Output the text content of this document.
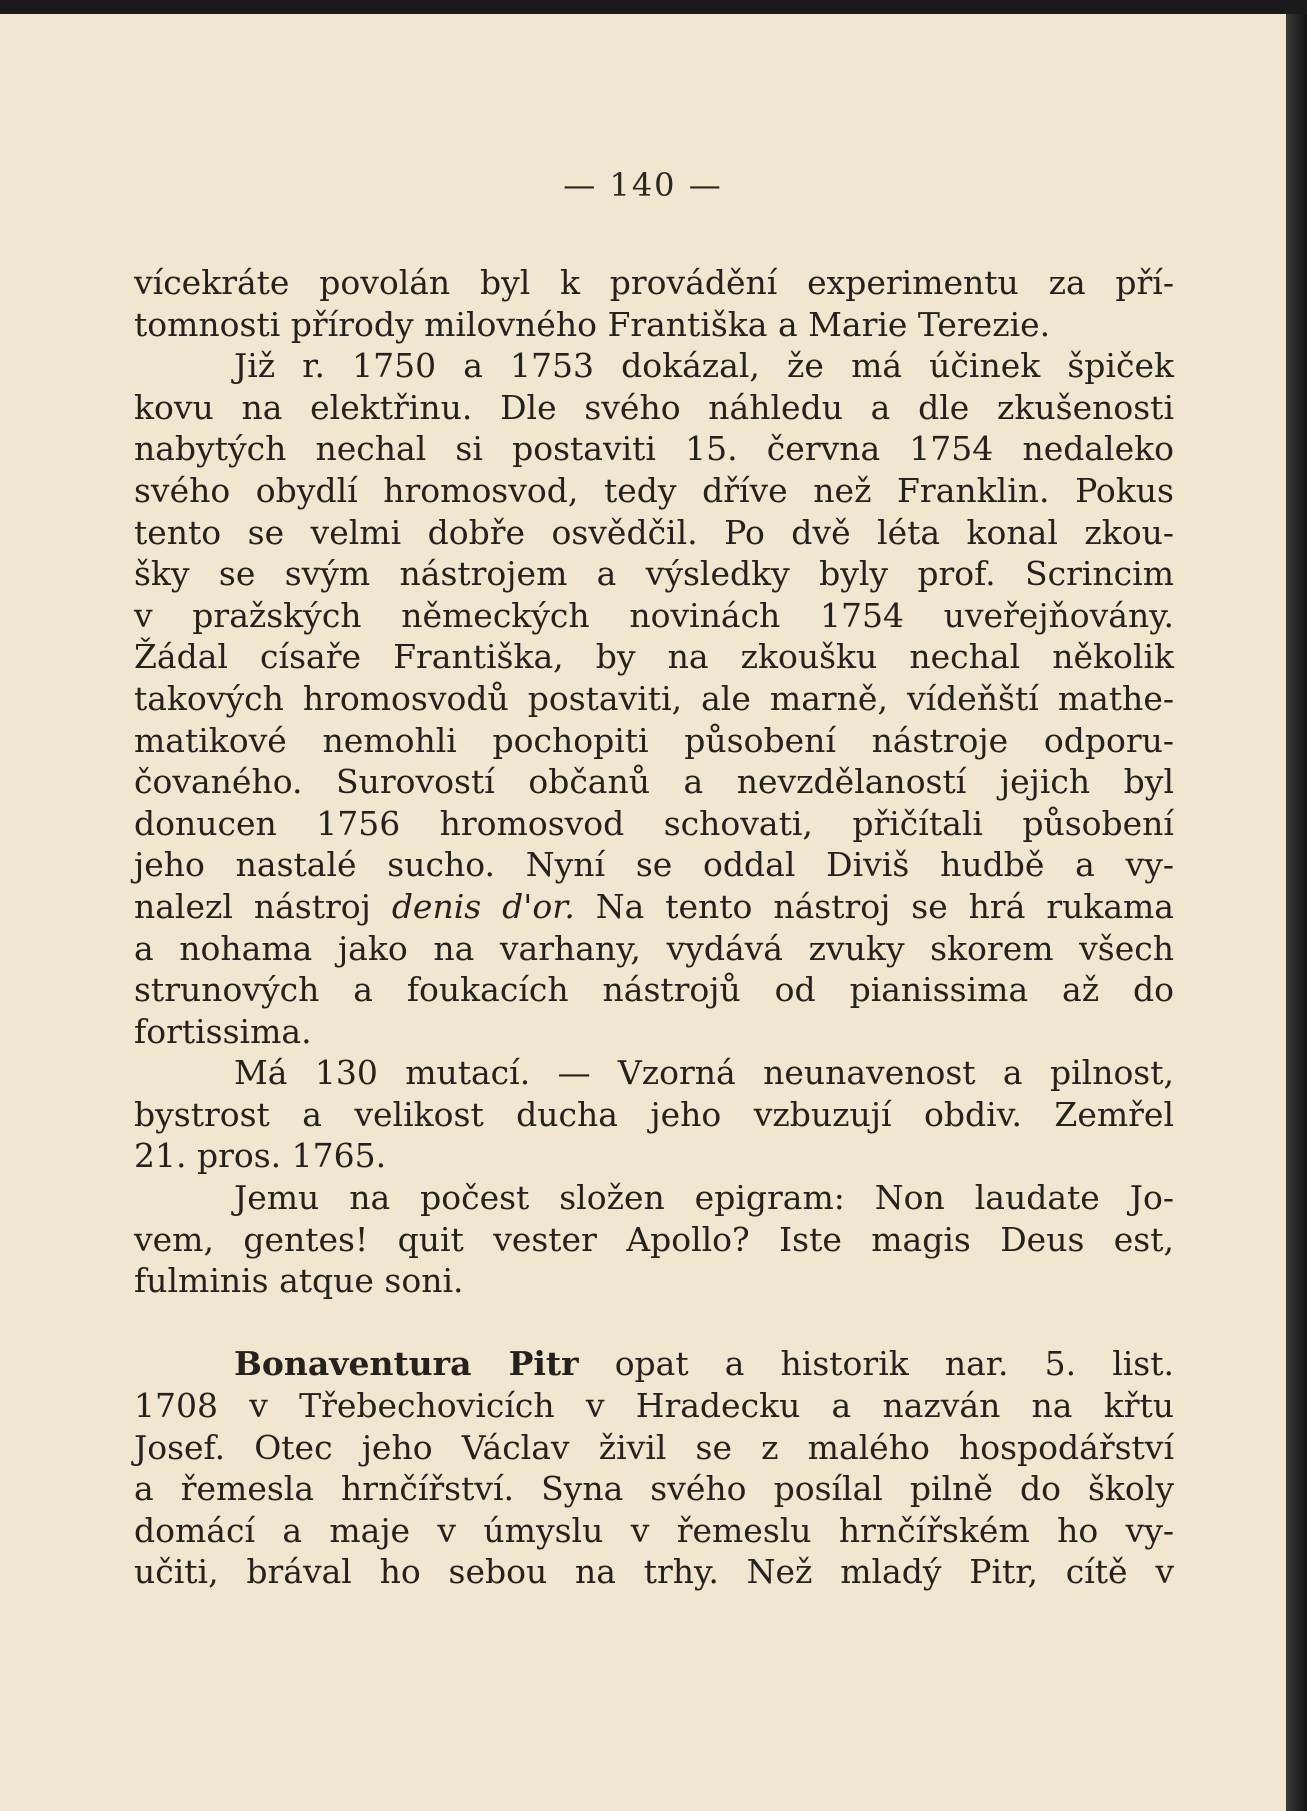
— 140 —
vícekráte povolán byl k provádění experimentu za pří-
tomnosti přírody milovného Františka a Marie Terezie.
Již r. 1750 a 1753 dokázal, že má účinek špiček
kovu na elektřinu. Dle svého náhledu a dle zkušenosti
nabytých nechal si postaviti 15. června 1754 nedaleko
svého obydlí hromosvod, tedy dříve než Franklin. Pokus
tento se velmi dobře osvědčil. Po dvě léta konal zkou-
šky se svým nástrojem a výsledky byly prof. Scrincim
v pražských německých novinách 1754 uveřejňovány.
Žádal císaře Františka, by na zkoušku nechal několik
takových hromosvodů postaviti, ale marně, vídeňští mathe-
matikové nemohli pochopiti působení nástroje odporu-
čovaného. Surovostí občanů a nevzdělaností jejich byl
donucen 1756 hromosvod schovati, přičítali působení
jeho nastalé sucho. Nyní se oddal Diviš hudbě a vy-
nalezl nástroj denis d'or. Na tento nástroj se hrá rukama
a nohama jako na varhany, vydává zvuky skorem všech
strunových a foukacích nástrojů od pianissima až do
fortissima.
Má 130 mutací. — Vzorná neunavenost a pilnost,
bystrost a velikost ducha jeho vzbuzují obdiv. Zemřel
21. pros. 1765.
Jemu na počest složen epigram: Non laudate Jo-
vem, gentes! quit vester Apollo? Iste magis Deus est,
fulminis atque soni.
Bonaventura Pitr opat a historik nar. 5. list.
1708 v Třebechovicích v Hradecku a nazván na křtu
Josef. Otec jeho Václav živil se z malého hospodářství
a řemesla hrnčířství. Syna svého posílal pilně do školy
domácí a maje v úmyslu v řemeslu hrnčířském ho vy-
učiti, brával ho sebou na trhy. Než mladý Pitr, cítě v
